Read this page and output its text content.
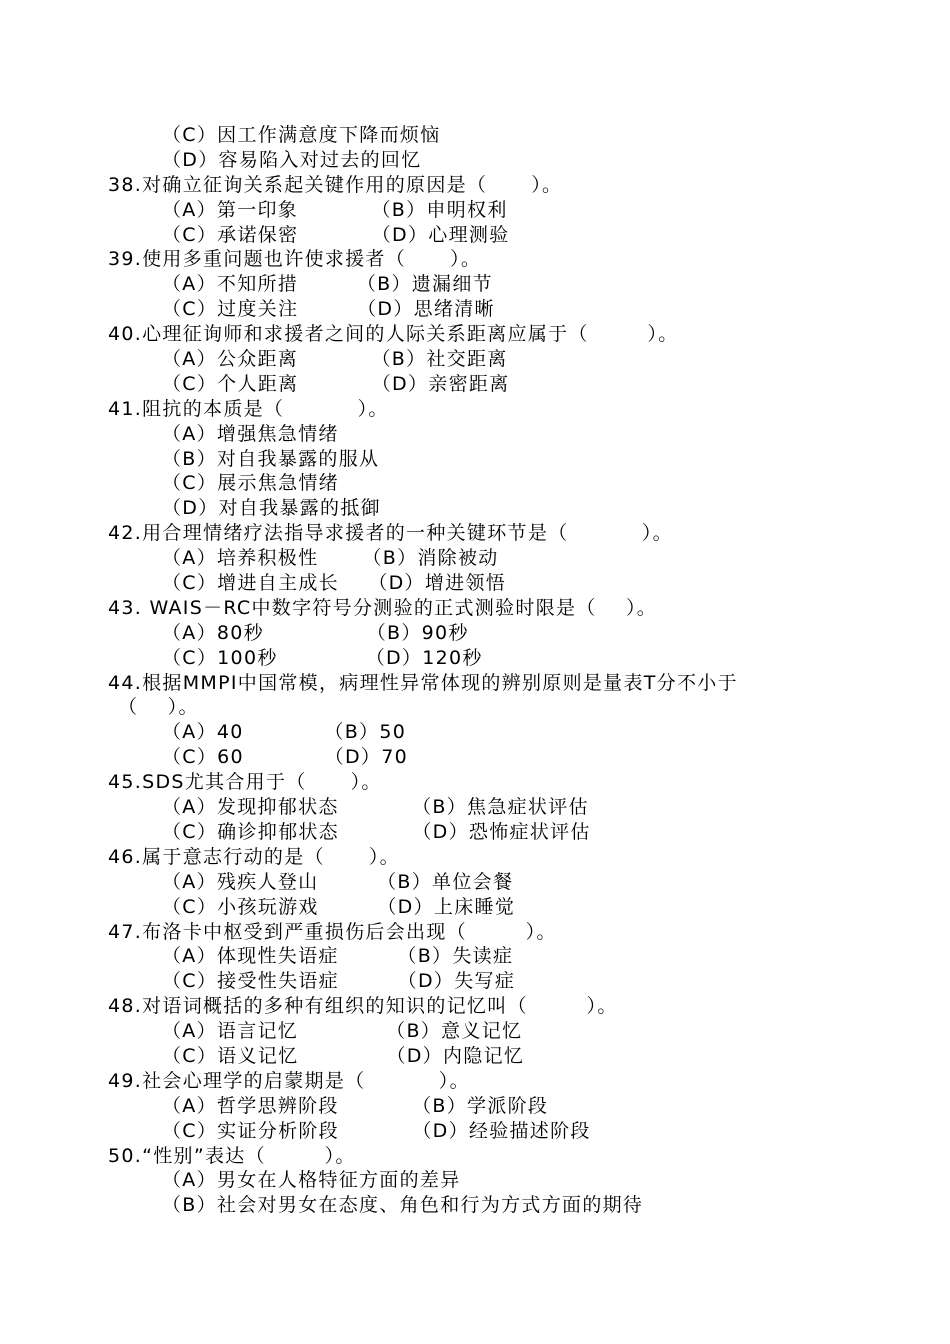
（C）因工作满意度下降而烦恼
（D）容易陷入对过去的回忆
38.对确立征询关系起关键作用的原因是（      ）。
（A）第一印象          （B）申明权利
（C）承诺保密          （D）心理测验
39.使用多重问题也许使求援者（      ）。
（A）不知所措        （B）遗漏细节
（C）过度关注        （D）思绪清晰
40.心理征询师和求援者之间的人际关系距离应属于（        ）。
（A）公众距离          （B）社交距离
（C）个人距离          （D）亲密距离
41.阻抗的本质是（          ）。
（A）增强焦急情绪
（B）对自我暴露的服从
（C）展示焦急情绪
（D）对自我暴露的抵御
42.用合理情绪疗法指导求援者的一种关键环节是（          ）。
（A）培养积极性      （B）消除被动
（C）增进自主成长    （D）增进领悟
43. WAIS－RC中数字符号分测验的正式测验时限是（    ）。
（A）80秒              （B）90秒
（C）100秒            （D）120秒
44.根据MMPI中国常模，病理性异常体现的辨别原则是量表T分不小于
（    ）。
（A）40           （B）50
（C）60           （D）70
45.SDS尤其合用于（      ）。
（A）发现抑郁状态          （B）焦急症状评估
（C）确诊抑郁状态          （D）恐怖症状评估
46.属于意志行动的是（      ）。
（A）残疾人登山        （B）单位会餐
（C）小孩玩游戏        （D）上床睡觉
47.布洛卡中枢受到严重损伤后会出现（        ）。
（A）体现性失语症        （B）失读症
（C）接受性失语症        （D）失写症
48.对语词概括的多种有组织的知识的记忆叫（        ）。
（A）语言记忆            （B）意义记忆
（C）语义记忆            （D）内隐记忆
49.社会心理学的启蒙期是（          ）。
（A）哲学思辨阶段          （B）学派阶段
（C）实证分析阶段          （D）经验描述阶段
50.“性别”表达（        ）。
（A）男女在人格特征方面的差异
（B）社会对男女在态度、角色和行为方式方面的期待
